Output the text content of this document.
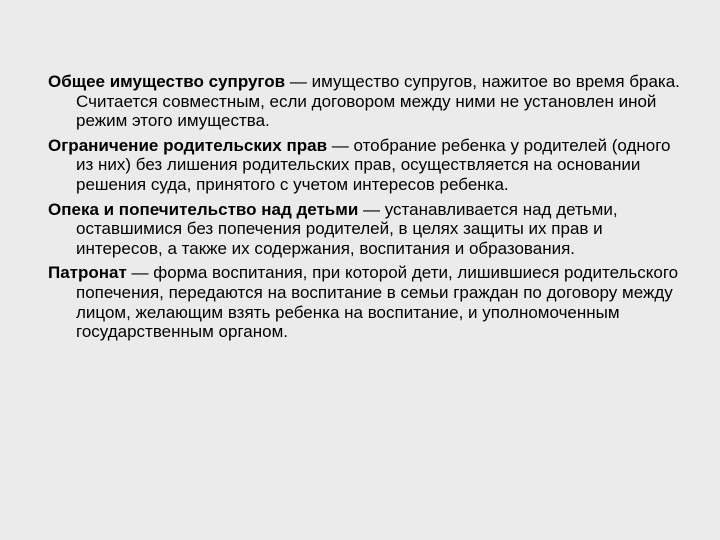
Общее имущество супругов — имущество супругов, нажитое во время брака. Считается совместным, если договором между ними не установлен иной режим этого имущества.

Ограничение родительских прав — отобрание ребенка у родителей (одного из них) без лишения родительских прав, осуществляется на основании решения суда, принятого с учетом интересов ребенка.

Опека и попечительство над детьми — устанавливается над детьми, оставшимися без попечения родителей, в целях защиты их прав и интересов, а также их содержания, воспитания и образования.

Патронат — форма воспитания, при которой дети, лишившиеся родительского попечения, передаются на воспитание в семьи граждан по договору между лицом, желающим взять ребенка на воспитание, и уполномоченным государственным органом.
